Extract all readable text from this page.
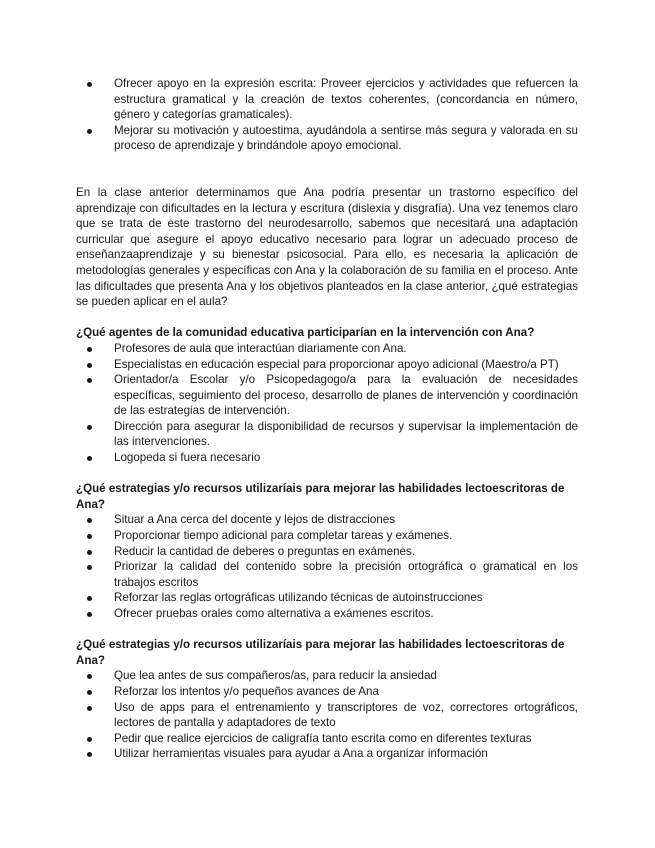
Ofrecer apoyo en la expresión escrita: Proveer ejercicios y actividades que refuercen la estructura gramatical y la creación de textos coherentes, (concordancia en número, género y categorías gramaticales).
Mejorar su motivación y autoestima, ayudándola a sentirse más segura y valorada en su proceso de aprendizaje y brindándole apoyo emocional.

En la clase anterior determinamos que Ana podría presentar un trastorno específico del aprendizaje con dificultades en la lectura y escritura (dislexia y disgrafía). Una vez tenemos claro que se trata de este trastorno del neurodesarrollo, sabemos que necesitará una adaptación curricular que asegure el apoyo educativo necesario para lograr un adecuado proceso de enseñanzaaprendizaje y su bienestar psicosocial. Para ello, es necesaria la aplicación de metodologías generales y específicas con Ana y la colaboración de su familia en el proceso. Ante las dificultades que presenta Ana y los objetivos planteados en la clase anterior, ¿qué estrategias se pueden aplicar en el aula?

¿Qué agentes de la comunidad educativa participarían en la intervención con Ana?
Profesores de aula que interactúan diariamente con Ana.
Especialistas en educación especial para proporcionar apoyo adicional (Maestro/a PT)
Orientador/a Escolar y/o Psicopedagogo/a para la evaluación de necesidades específicas, seguimiento del proceso, desarrollo de planes de intervención y coordinación de las estrategias de intervención.
Dirección para asegurar la disponibilidad de recursos y supervisar la implementación de las intervenciones.
Logopeda si fuera necesario
¿Qué estrategias y/o recursos utilizaríais para mejorar las habilidades lectoescritoras de Ana?
Situar a Ana cerca del docente y lejos de distracciones
Proporcionar tiempo adicional para completar tareas y exámenes.
Reducir la cantidad de deberes o preguntas en exámenes.
Priorizar la calidad del contenido sobre la precisión ortográfica o gramatical en los trabajos escritos
Reforzar las reglas ortográficas utilizando técnicas de autoinstrucciones
Ofrecer pruebas orales como alternativa a exámenes escritos.
¿Qué estrategias y/o recursos utilizaríais para mejorar las habilidades lectoescritoras de Ana?
Que lea antes de sus compañeros/as, para reducir la ansiedad
Reforzar los intentos y/o pequeños avances de Ana
Uso de apps para el entrenamiento y transcriptores de voz, correctores ortográficos, lectores de pantalla y adaptadores de texto
Pedir que realice ejercicios de caligrafía tanto escrita como en diferentes texturas
Utilizar herramientas visuales para ayudar a Ana a organizar información
